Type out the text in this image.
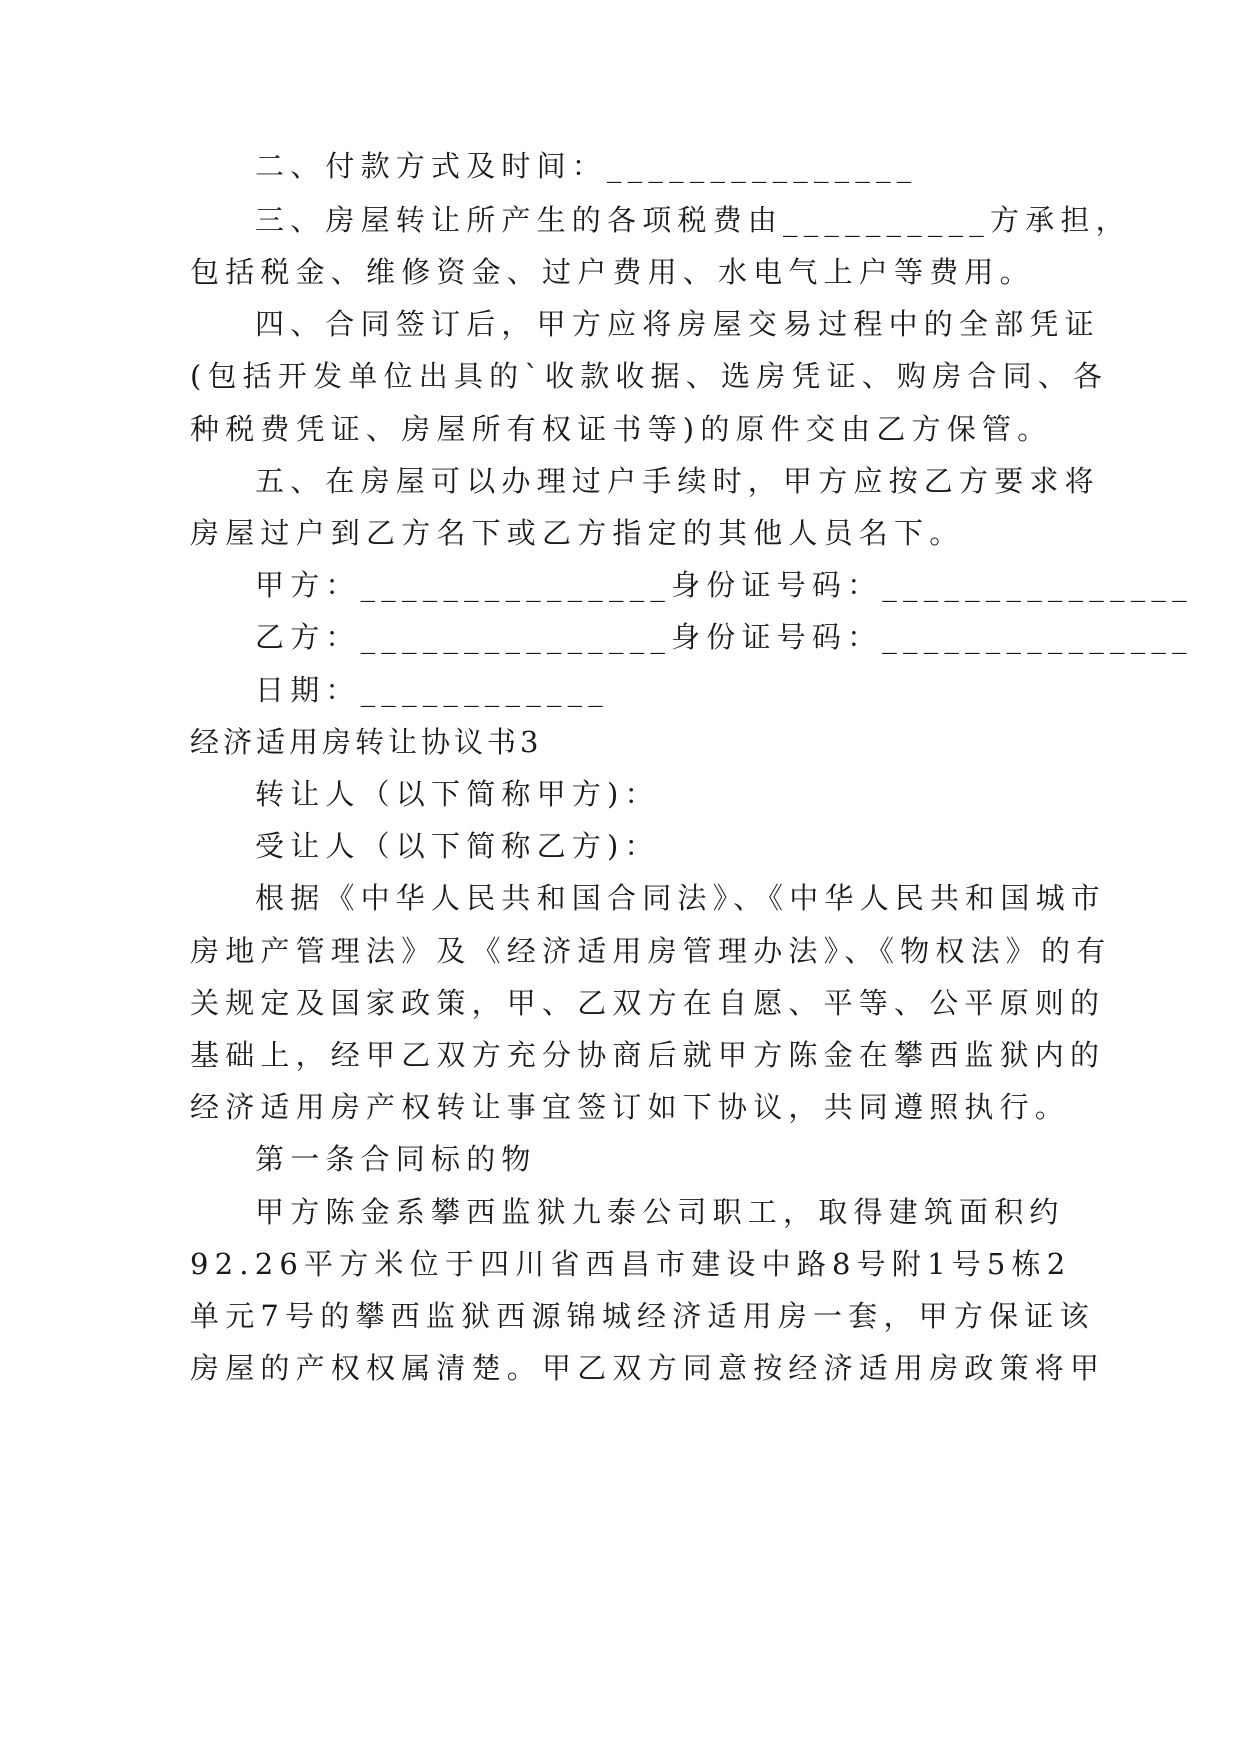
二、付款方式及时间：_______________
三、房屋转让所产生的各项税费由__________方承担，
包括税金、维修资金、过户费用、水电气上户等费用。
四、合同签订后，甲方应将房屋交易过程中的全部凭证
(包括开发单位出具的`收款收据、选房凭证、购房合同、各
种税费凭证、房屋所有权证书等)的原件交由乙方保管。
五、在房屋可以办理过户手续时，甲方应按乙方要求将
房屋过户到乙方名下或乙方指定的其他人员名下。
甲方：_______________身份证号码：_______________
乙方：_______________身份证号码：_______________
日期：____________
经济适用房转让协议书3
转让人（以下简称甲方)：
受让人（以下简称乙方)：
根据《中华人民共和国合同法》、《中华人民共和国城市
房地产管理法》及《经济适用房管理办法》、《物权法》的有
关规定及国家政策，甲、乙双方在自愿、平等、公平原则的
基础上，经甲乙双方充分协商后就甲方陈金在攀西监狱内的
经济适用房产权转让事宜签订如下协议，共同遵照执行。
第一条合同标的物
甲方陈金系攀西监狱九泰公司职工，取得建筑面积约
92.26平方米位于四川省西昌市建设中路8号附1号5栋2
单元7号的攀西监狱西源锦城经济适用房一套，甲方保证该
房屋的产权权属清楚。甲乙双方同意按经济适用房政策将甲
